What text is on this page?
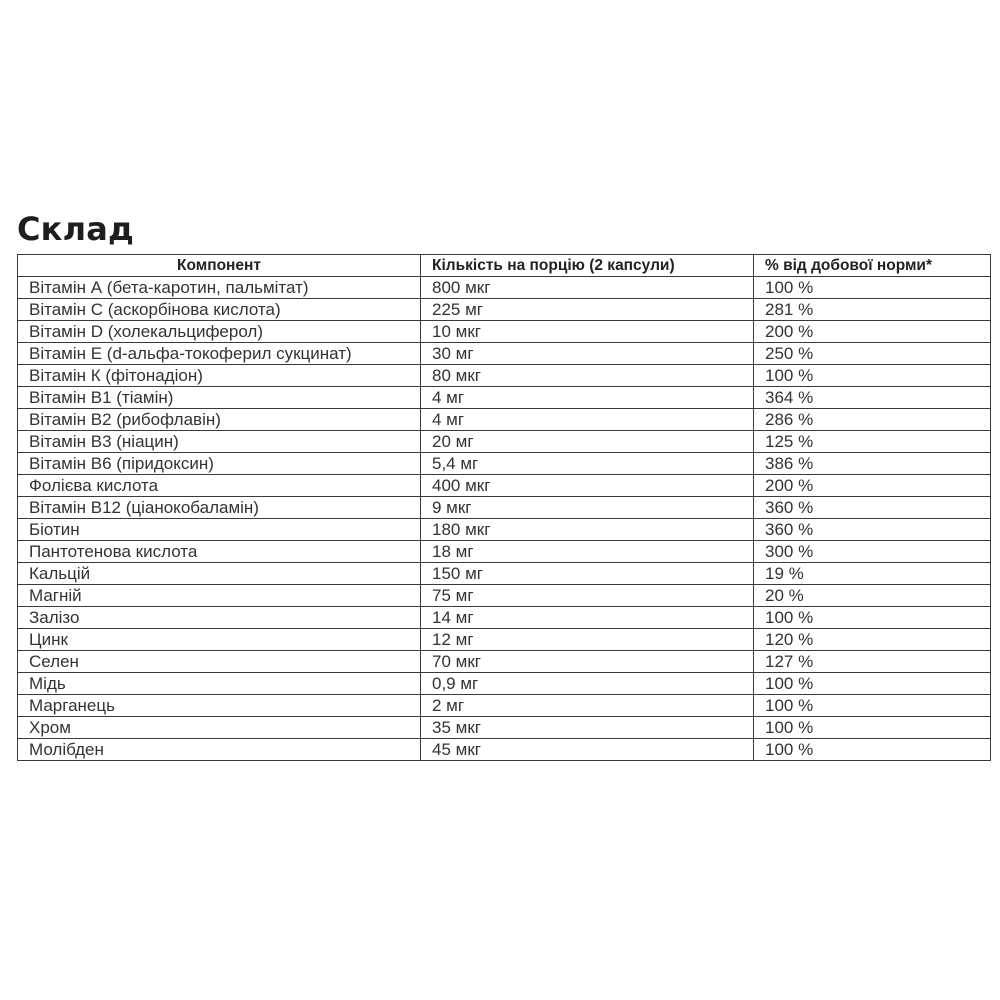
Склад
Компонент	Кількість на порцію (2 капсули)	% від добової норми*
Вітамін А (бета-каротин, пальмітат)	800 мкг	100 %
Вітамін С (аскорбінова кислота)	225 мг	281 %
Вітамін D (холекальциферол)	10 мкг	200 %
Вітамін Е (d-альфа-токоферил сукцинат)	30 мг	250 %
Вітамін К (фітонадіон)	80 мкг	100 %
Вітамін В1 (тіамін)	4 мг	364 %
Вітамін В2 (рибофлавін)	4 мг	286 %
Вітамін В3 (ніацин)	20 мг	125 %
Вітамін В6 (піридоксин)	5,4 мг	386 %
Фолієва кислота	400 мкг	200 %
Вітамін В12 (ціанокобаламін)	9 мкг	360 %
Біотин	180 мкг	360 %
Пантотенова кислота	18 мг	300 %
Кальцій	150 мг	19 %
Магній	75 мг	20 %
Залізо	14 мг	100 %
Цинк	12 мг	120 %
Селен	70 мкг	127 %
Мідь	0,9 мг	100 %
Марганець	2 мг	100 %
Хром	35 мкг	100 %
Молібден	45 мкг	100 %
